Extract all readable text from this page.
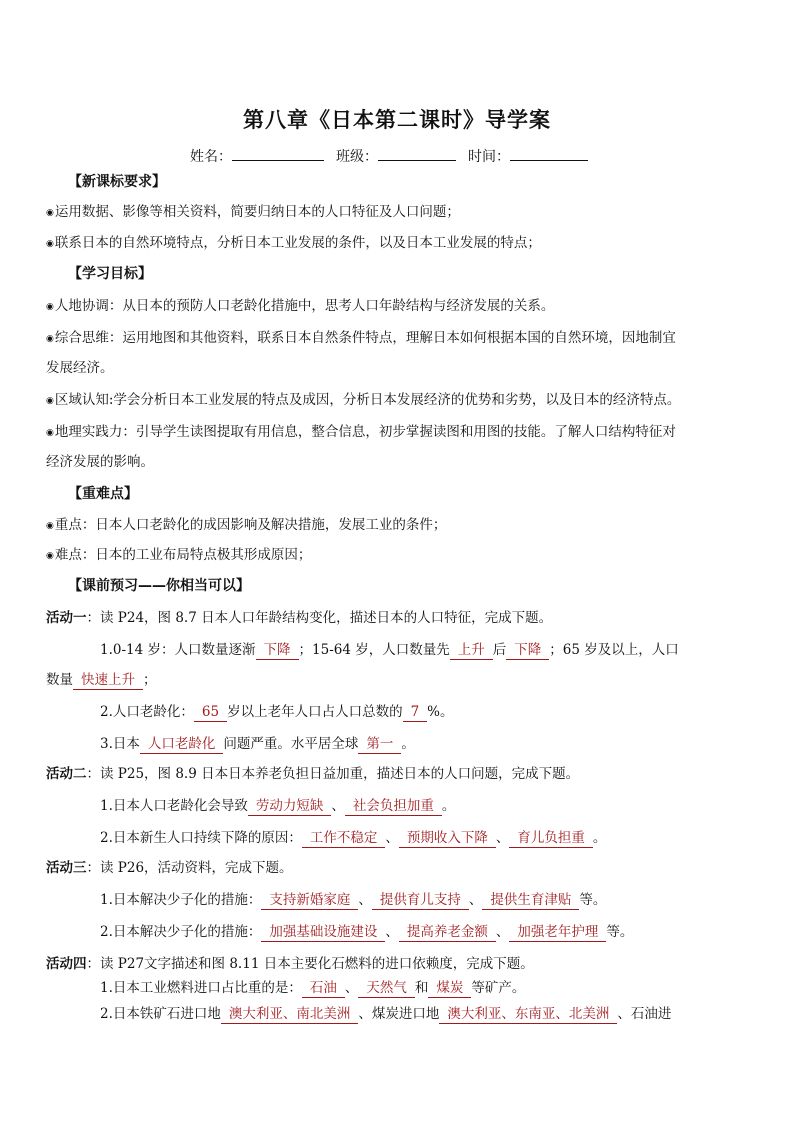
第八章《日本第二课时》导学案
姓名：	班级：	时间：
【新课标要求】
◉运用数据、影像等相关资料，简要归纳日本的人口特征及人口问题；
◉联系日本的自然环境特点，分析日本工业发展的条件，以及日本工业发展的特点；
【学习目标】
◉人地协调：从日本的预防人口老龄化措施中，思考人口年龄结构与经济发展的关系。
◉综合思维：运用地图和其他资料，联系日本自然条件特点，理解日本如何根据本国的自然环境，因地制宜
发展经济。
◉区域认知:学会分析日本工业发展的特点及成因，分析日本发展经济的优势和劣势，以及日本的经济特点。
◉地理实践力：引导学生读图提取有用信息，整合信息，初步掌握读图和用图的技能。了解人口结构特征对
经济发展的影响。
【重难点】
◉重点：日本人口老龄化的成因影响及解决措施，发展工业的条件；
◉难点：日本的工业布局特点极其形成原因；
【课前预习——你相当可以】
活动一：读 P24，图 8.7 日本人口年龄结构变化，描述日本的人口特征，完成下题。
1.0-14 岁：人口数量逐渐 下降 ；15-64 岁，人口数量先 上升 后 下降 ；65 岁及以上，人口
数量 快速上升 ；
2.人口老龄化： 65 岁以上老年人口占人口总数的 7 %。
3.日本 人口老龄化 问题严重。水平居全球 第一 。
活动二：读 P25，图 8.9 日本日本养老负担日益加重，描述日本的人口问题，完成下题。
1.日本人口老龄化会导致 劳动力短缺 、 社会负担加重 。
2.日本新生人口持续下降的原因： 工作不稳定 、 预期收入下降 、 育儿负担重 。
活动三：读 P26，活动资料，完成下题。
1.日本解决少子化的措施： 支持新婚家庭 、 提供育儿支持 、 提供生育津贴 等。
2.日本解决少子化的措施： 加强基础设施建设 、 提高养老金额 、 加强老年护理 等。
活动四：读 P27文字描述和图 8.11 日本主要化石燃料的进口依赖度，完成下题。
1.日本工业燃料进口占比重的是： 石油 、 天然气 和 煤炭 等矿产。
2.日本铁矿石进口地 澳大利亚、南北美洲 、煤炭进口地 澳大利亚、东南亚、北美洲 、石油进
